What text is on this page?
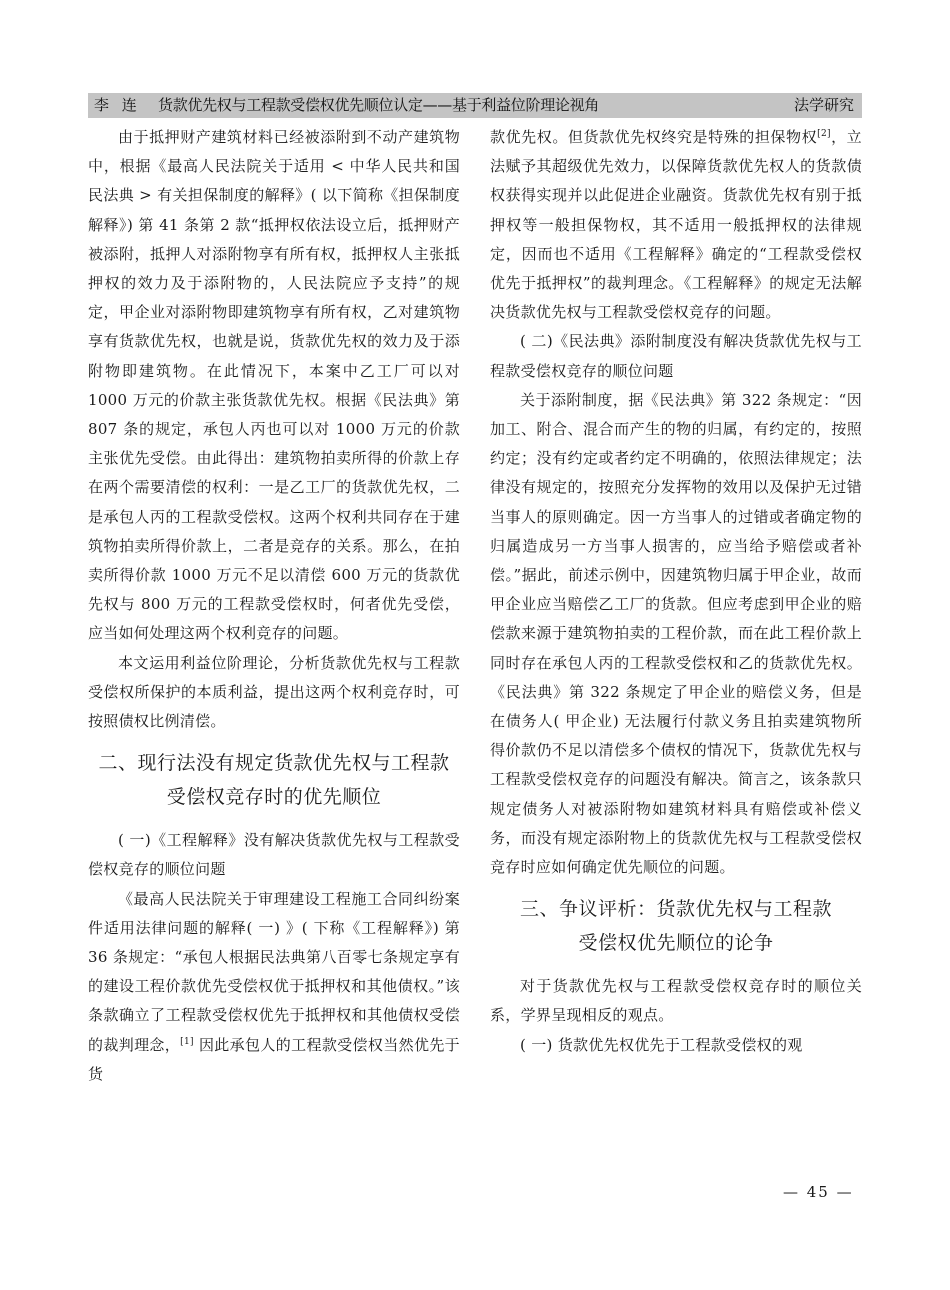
李 连 货款优先权与工程款受偿权优先顺位认定——基于利益位阶理论视角	法学研究

由于抵押财产建筑材料已经被添附到不动产建筑物中，根据《最高人民法院关于适用 < 中华人民共和国民法典 > 有关担保制度的解释》( 以下简称《担保制度解释》) 第 41 条第 2 款“抵押权依法设立后，抵押财产被添附，抵押人对添附物享有所有权，抵押权人主张抵押权的效力及于添附物的，人民法院应予支持”的规定，甲企业对添附物即建筑物享有所有权，乙对建筑物享有货款优先权，也就是说，货款优先权的效力及于添附物即建筑物。在此情况下，本案中乙工厂可以对 1000 万元的价款主张货款优先权。根据《民法典》第 807 条的规定，承包人丙也可以对 1000 万元的价款主张优先受偿。由此得出：建筑物拍卖所得的价款上存在两个需要清偿的权利：一是乙工厂的货款优先权，二是承包人丙的工程款受偿权。这两个权利共同存在于建筑物拍卖所得价款上，二者是竞存的关系。那么，在拍卖所得价款 1000 万元不足以清偿 600 万元的货款优先权与 800 万元的工程款受偿权时，何者优先受偿，应当如何处理这两个权利竞存的问题。

本文运用利益位阶理论，分析货款优先权与工程款受偿权所保护的本质利益，提出这两个权利竞存时，可按照债权比例清偿。

二、现行法没有规定货款优先权与工程款
受偿权竞存时的优先顺位

( 一)《工程解释》没有解决货款优先权与工程款受偿权竞存的顺位问题

《最高人民法院关于审理建设工程施工合同纠纷案件适用法律问题的解释( 一) 》( 下称《工程解释》) 第 36 条规定：“承包人根据民法典第八百零七条规定享有的建设工程价款优先受偿权优于抵押权和其他债权。”该条款确立了工程款受偿权优先于抵押权和其他债权受偿的裁判理念，[1] 因此承包人的工程款受偿权当然优先于货

款优先权。但货款优先权终究是特殊的担保物权[2]，立法赋予其超级优先效力，以保障货款优先权人的货款债权获得实现并以此促进企业融资。货款优先权有别于抵押权等一般担保物权，其不适用一般抵押权的法律规定，因而也不适用《工程解释》确定的“工程款受偿权优先于抵押权”的裁判理念。《工程解释》的规定无法解决货款优先权与工程款受偿权竞存的问题。

( 二)《民法典》添附制度没有解决货款优先权与工程款受偿权竞存的顺位问题

关于添附制度，据《民法典》第 322 条规定：“因加工、附合、混合而产生的物的归属，有约定的，按照约定；没有约定或者约定不明确的，依照法律规定；法律没有规定的，按照充分发挥物的效用以及保护无过错当事人的原则确定。因一方当事人的过错或者确定物的归属造成另一方当事人损害的，应当给予赔偿或者补偿。”据此，前述示例中，因建筑物归属于甲企业，故而甲企业应当赔偿乙工厂的货款。但应考虑到甲企业的赔偿款来源于建筑物拍卖的工程价款，而在此工程价款上同时存在承包人丙的工程款受偿权和乙的货款优先权。《民法典》第 322 条规定了甲企业的赔偿义务，但是在债务人( 甲企业) 无法履行付款义务且拍卖建筑物所得价款仍不足以清偿多个债权的情况下，货款优先权与工程款受偿权竞存的问题没有解决。简言之，该条款只规定债务人对被添附物如建筑材料具有赔偿或补偿义务，而没有规定添附物上的货款优先权与工程款受偿权竞存时应如何确定优先顺位的问题。

三、争议评析：货款优先权与工程款
受偿权优先顺位的论争

对于货款优先权与工程款受偿权竞存时的顺位关系，学界呈现相反的观点。

( 一) 货款优先权优先于工程款受偿权的观

— 45 —
